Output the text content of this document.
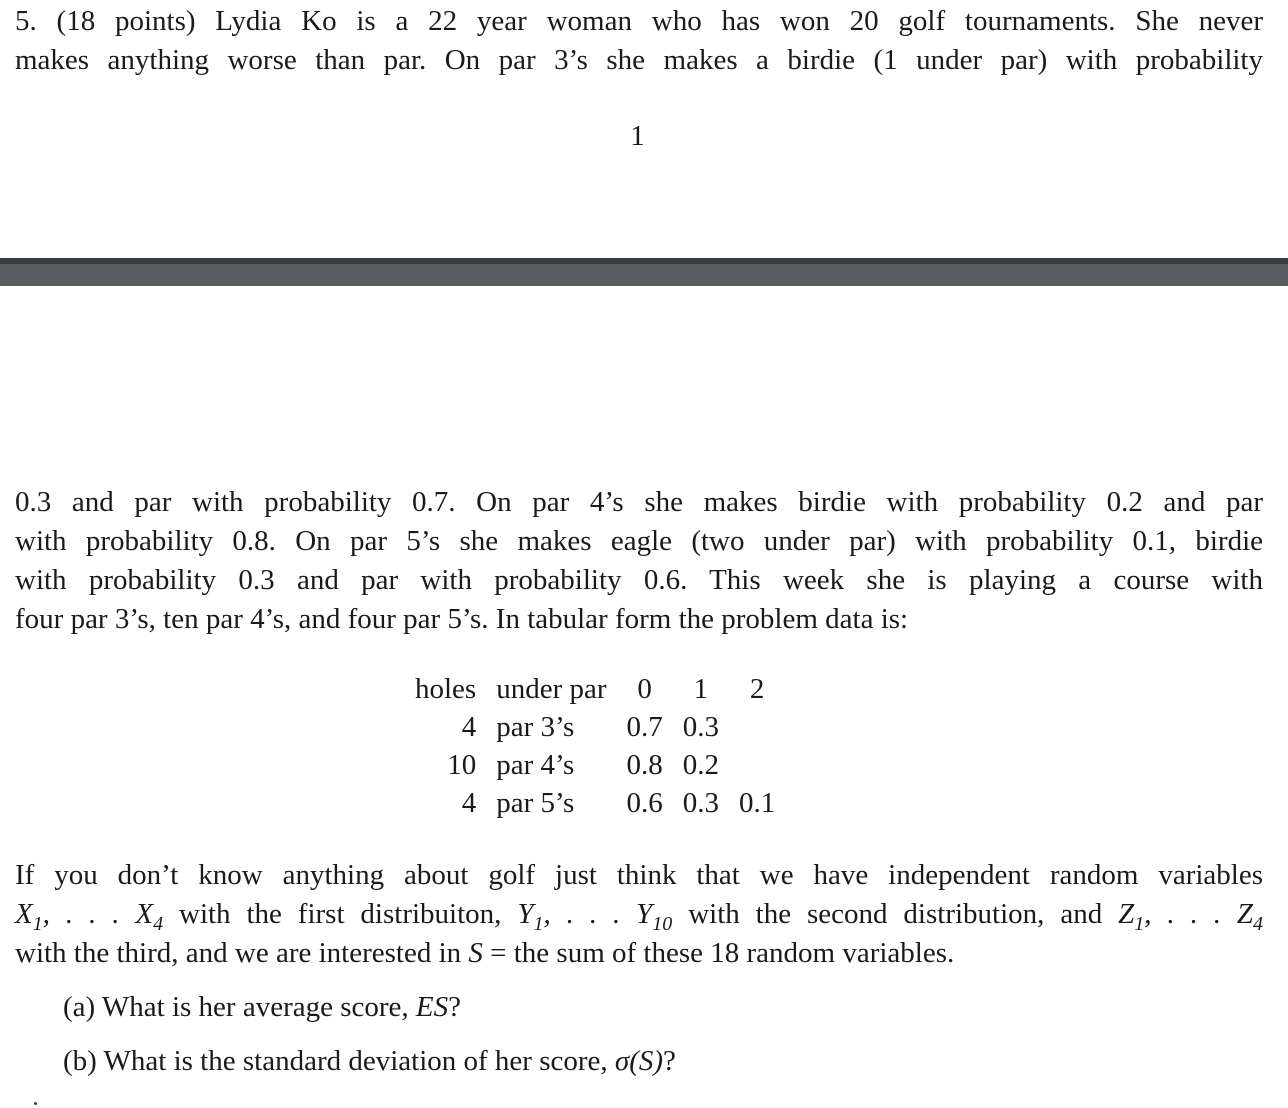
5. (18 points) Lydia Ko is a 22 year woman who has won 20 golf tournaments. She never
makes anything worse than par. On par 3’s she makes a birdie (1 under par) with probability

1

0.3 and par with probability 0.7. On par 4’s she makes birdie with probability 0.2 and par
with probability 0.8. On par 5’s she makes eagle (two under par) with probability 0.1, birdie
with probability 0.3 and par with probability 0.6. This week she is playing a course with
four par 3’s, ten par 4’s, and four par 5’s. In tabular form the problem data is:

holes	under par	0	1	2
4	par 3’s	0.7	0.3	
10	par 4’s	0.8	0.2	
4	par 5’s	0.6	0.3	0.1

If you don’t know anything about golf just think that we have independent random variables
$X_1$, . . . $X_4$ with the first distribuiton, $Y_1$, . . . $Y_{10}$ with the second distribution, and $Z_1$, . . . $Z_4$
with the third, and we are interested in S = the sum of these 18 random variables.

(a) What is her average score, ES?
(b) What is the standard deviation of her score, σ(S)?
